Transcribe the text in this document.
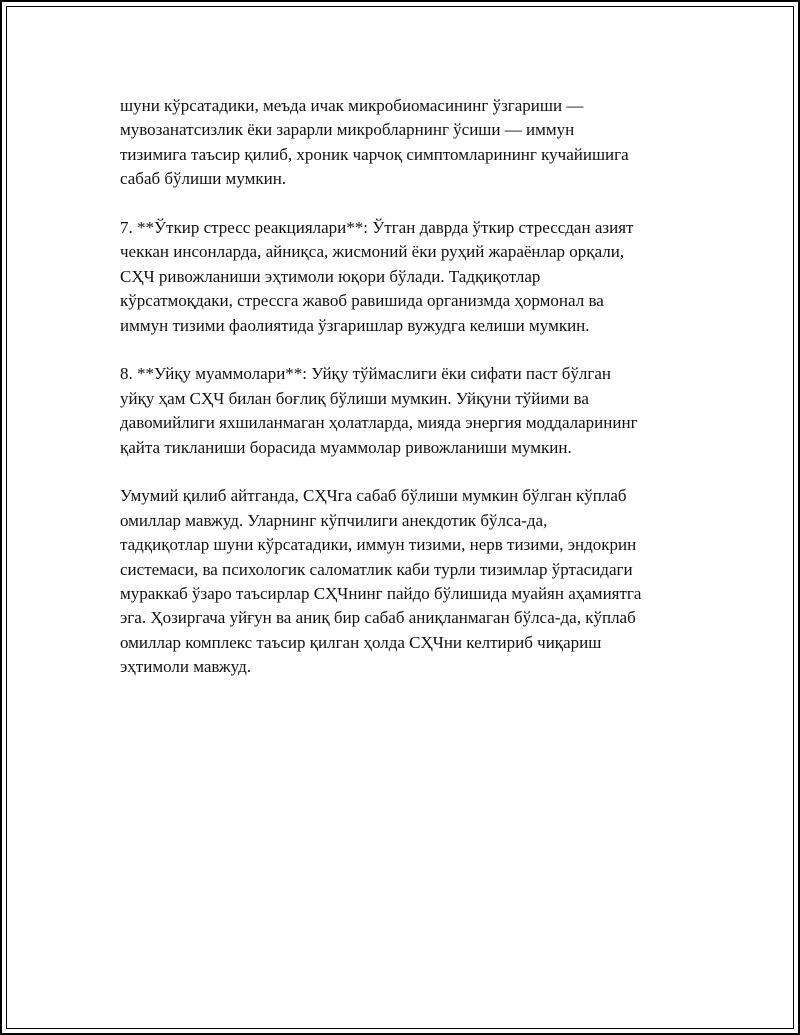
шуни кўрсатадики, меъда ичак микробиомасининг ўзгариши —
мувозанатсизлик ёки зарарли микробларнинг ўсиши — иммун
тизимига таъсир қилиб, хроник чарчоқ симптомларининг кучайишига
сабаб бўлиши мумкин.

7. **Ўткир стресс реакциялари**: Ўтган даврда ўткир стрессдан азият
чеккан инсонларда, айниқса, жисмоний ёки руҳий жараёнлар орқали,
СҲЧ ривожланиши эҳтимоли юқори бўлади. Тадқиқотлар
кўрсатмоқдаки, стрессга жавоб равишида организмда ҳормонал ва
иммун тизими фаолиятида ўзгаришлар вужудга келиши мумкин.

8. **Уйқу муаммолари**: Уйқу тўймаслиги ёки сифати паст бўлган
уйқу ҳам СҲЧ билан боғлиқ бўлиши мумкин. Уйқуни тўйими ва
давомийлиги яхшиланмаган ҳолатларда, мияда энергия моддаларининг
қайта тикланиши борасида муаммолар ривожланиши мумкин.

Умумий қилиб айтганда, СҲЧга сабаб бўлиши мумкин бўлган кўплаб
омиллар мавжуд. Уларнинг кўпчилиги анекдотик бўлса-да,
тадқиқотлар шуни кўрсатадики, иммун тизими, нерв тизими, эндокрин
системаси, ва психологик саломатлик каби турли тизимлар ўртасидаги
мураккаб ўзаро таъсирлар СҲЧнинг пайдо бўлишида муайян аҳамиятга
эга. Ҳозиргача уйғун ва аниқ бир сабаб аниқланмаган бўлса-да, кўплаб
омиллар комплекс таъсир қилган ҳолда СҲЧни келтириб чиқариш
эҳтимоли мавжуд.
